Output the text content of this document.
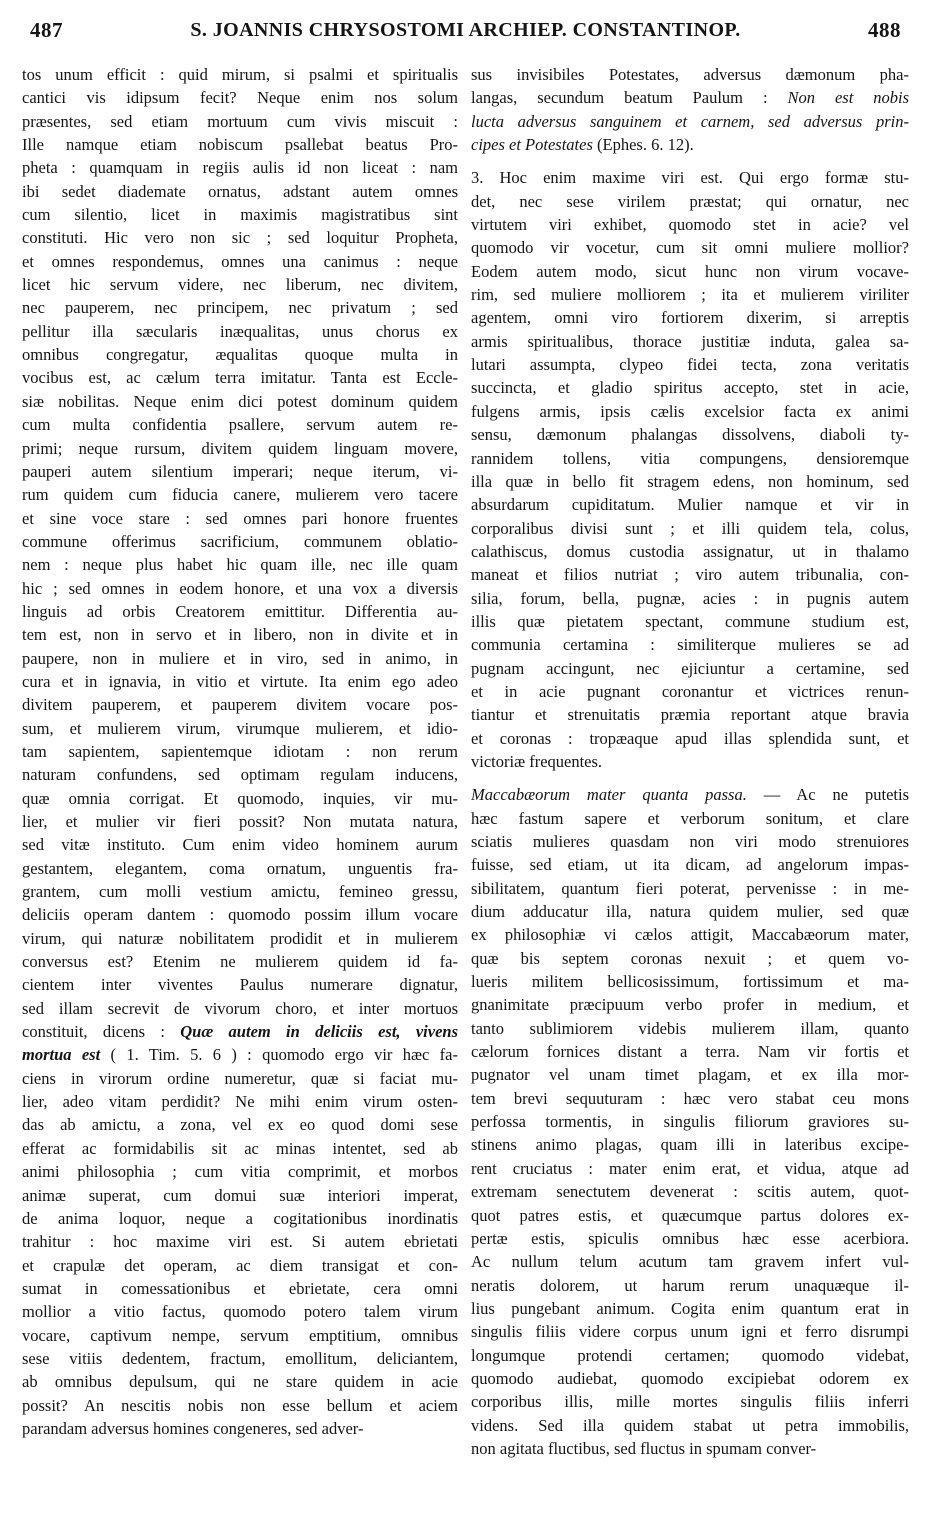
487	S. JOANNIS CHRYSOSTOMI ARCHIEP. CONSTANTINOP.	488

tos unum efficit : quid mirum, si psalmi et spiritualis

cantici vis idipsum fecit? Neque enim nos solum

præsentes, sed etiam mortuum cum vivis miscuit :

Ille namque etiam nobiscum psallebat beatus Pro-

pheta : quamquam in regiis aulis id non liceat : nam

ibi sedet diademate ornatus, adstant autem omnes

cum silentio, licet in maximis magistratibus sint

constituti. Hic vero non sic ; sed loquitur Propheta,

et omnes respondemus, omnes una canimus : neque

licet hic servum videre, nec liberum, nec divitem,

nec pauperem, nec principem, nec privatum ; sed

pellitur illa sæcularis inæqualitas, unus chorus ex

omnibus congregatur, æqualitas quoque multa in

vocibus est, ac cælum terra imitatur. Tanta est Eccle-

siæ nobilitas. Neque enim dici potest dominum quidem

cum multa confidentia psallere, servum autem re-

primi; neque rursum, divitem quidem linguam movere,

pauperi autem silentium imperari; neque iterum, vi-

rum quidem cum fiducia canere, mulierem vero tacere

et sine voce stare : sed omnes pari honore fruentes

commune offerimus sacrificium, communem oblatio-

nem : neque plus habet hic quam ille, nec ille quam

hic ; sed omnes in eodem honore, et una vox a diversis

linguis ad orbis Creatorem emittitur. Differentia au-

tem est, non in servo et in libero, non in divite et in

paupere, non in muliere et in viro, sed in animo, in

cura et in ignavia, in vitio et virtute. Ita enim ego adeo

divitem pauperem, et pauperem divitem vocare pos-

sum, et mulierem virum, virumque mulierem, et idio-

tam sapientem, sapientemque idiotam : non rerum

naturam confundens, sed optimam regulam inducens,

quæ omnia corrigat. Et quomodo, inquies, vir mu-

lier, et mulier vir fieri possit? Non mutata natura,

sed vitæ instituto. Cum enim video hominem aurum

gestantem, elegantem, coma ornatum, unguentis fra-

grantem, cum molli vestium amictu, femineo gressu,

deliciis operam dantem : quomodo possim illum vocare

virum, qui naturæ nobilitatem prodidit et in mulierem

conversus est? Etenim ne mulierem quidem id fa-

cientem inter viventes Paulus numerare dignatur,

sed illam secrevit de vivorum choro, et inter mortuos

constituit, dicens : Quæ autem in deliciis est, vivens

mortua est ( 1. Tim. 5. 6 ) : quomodo ergo vir hæc fa-

ciens in virorum ordine numeretur, quæ si faciat mu-

lier, adeo vitam perdidit? Ne mihi enim virum osten-

das ab amictu, a zona, vel ex eo quod domi sese

efferat ac formidabilis sit ac minas intentet, sed ab

animi philosophia ; cum vitia comprimit, et morbos

animæ superat, cum domui suæ interiori imperat,

de anima loquor, neque a cogitationibus inordinatis

trahitur : hoc maxime viri est. Si autem ebrietati

et crapulæ det operam, ac diem transigat et con-

sumat in comessationibus et ebrietate, cera omni

mollior a vitio factus, quomodo potero talem virum

vocare, captivum nempe, servum emptitium, omnibus

sese vitiis dedentem, fractum, emollitum, deliciantem,

ab omnibus depulsum, qui ne stare quidem in acie

possit? An nescitis nobis non esse bellum et aciem

parandam adversus homines congeneres, sed adver-

sus invisibiles Potestates, adversus dæmonum pha-

langas, secundum beatum Paulum : Non est nobis

lucta adversus sanguinem et carnem, sed adversus prin-

cipes et Potestates (Ephes. 6. 12).

3. Hoc enim maxime viri est. Qui ergo formæ stu-

det, nec sese virilem præstat; qui ornatur, nec

virtutem viri exhibet, quomodo stet in acie? vel

quomodo vir vocetur, cum sit omni muliere mollior?

Eodem autem modo, sicut hunc non virum vocave-

rim, sed muliere molliorem ; ita et mulierem viriliter

agentem, omni viro fortiorem dixerim, si arreptis

armis spiritualibus, thorace justitiæ induta, galea sa-

lutari assumpta, clypeo fidei tecta, zona veritatis

succincta, et gladio spiritus accepto, stet in acie,

fulgens armis, ipsis cælis excelsior facta ex animi

sensu, dæmonum phalangas dissolvens, diaboli ty-

rannidem tollens, vitia compungens, densioremque

illa quæ in bello fit stragem edens, non hominum, sed

absurdarum cupiditatum. Mulier namque et vir in

corporalibus divisi sunt ; et illi quidem tela, colus,

calathiscus, domus custodia assignatur, ut in thalamo

maneat et filios nutriat ; viro autem tribunalia, con-

silia, forum, bella, pugnæ, acies : in pugnis autem

illis quæ pietatem spectant, commune studium est,

communia certamina : similiterque mulieres se ad

pugnam accingunt, nec ejiciuntur a certamine, sed

et in acie pugnant coronantur et victrices renun-

tiantur et strenuitatis præmia reportant atque bravia

et coronas : tropæaque apud illas splendida sunt, et

victoriæ frequentes.

Maccabæorum mater quanta passa. — Ac ne putetis

hæc fastum sapere et verborum sonitum, et clare

sciatis mulieres quasdam non viri modo strenuiores

fuisse, sed etiam, ut ita dicam, ad angelorum impas-

sibilitatem, quantum fieri poterat, pervenisse : in me-

dium adducatur illa, natura quidem mulier, sed quæ

ex philosophiæ vi cælos attigit, Maccabæorum mater,

quæ bis septem coronas nexuit ; et quem vo-

lueris militem bellicosissimum, fortissimum et ma-

gnanimitate præcipuum verbo profer in medium, et

tanto sublimiorem videbis mulierem illam, quanto

cælorum fornices distant a terra. Nam vir fortis et

pugnator vel unam timet plagam, et ex illa mor-

tem brevi sequuturam : hæc vero stabat ceu mons

perfossa tormentis, in singulis filiorum graviores su-

stinens animo plagas, quam illi in lateribus excipe-

rent cruciatus : mater enim erat, et vidua, atque ad

extremam senectutem devenerat : scitis autem, quot-

quot patres estis, et quæcumque partus dolores ex-

pertæ estis, spiculis omnibus hæc esse acerbiora.

Ac nullum telum acutum tam gravem infert vul-

neratis dolorem, ut harum rerum unaquæque il-

lius pungebant animum. Cogita enim quantum erat in

singulis filiis videre corpus unum igni et ferro disrumpi

longumque protendi certamen; quomodo videbat,

quomodo audiebat, quomodo excipiebat odorem ex

corporibus illis, mille mortes singulis filiis inferri

videns. Sed illa quidem stabat ut petra immobilis,

non agitata fluctibus, sed fluctus in spumam conver-
